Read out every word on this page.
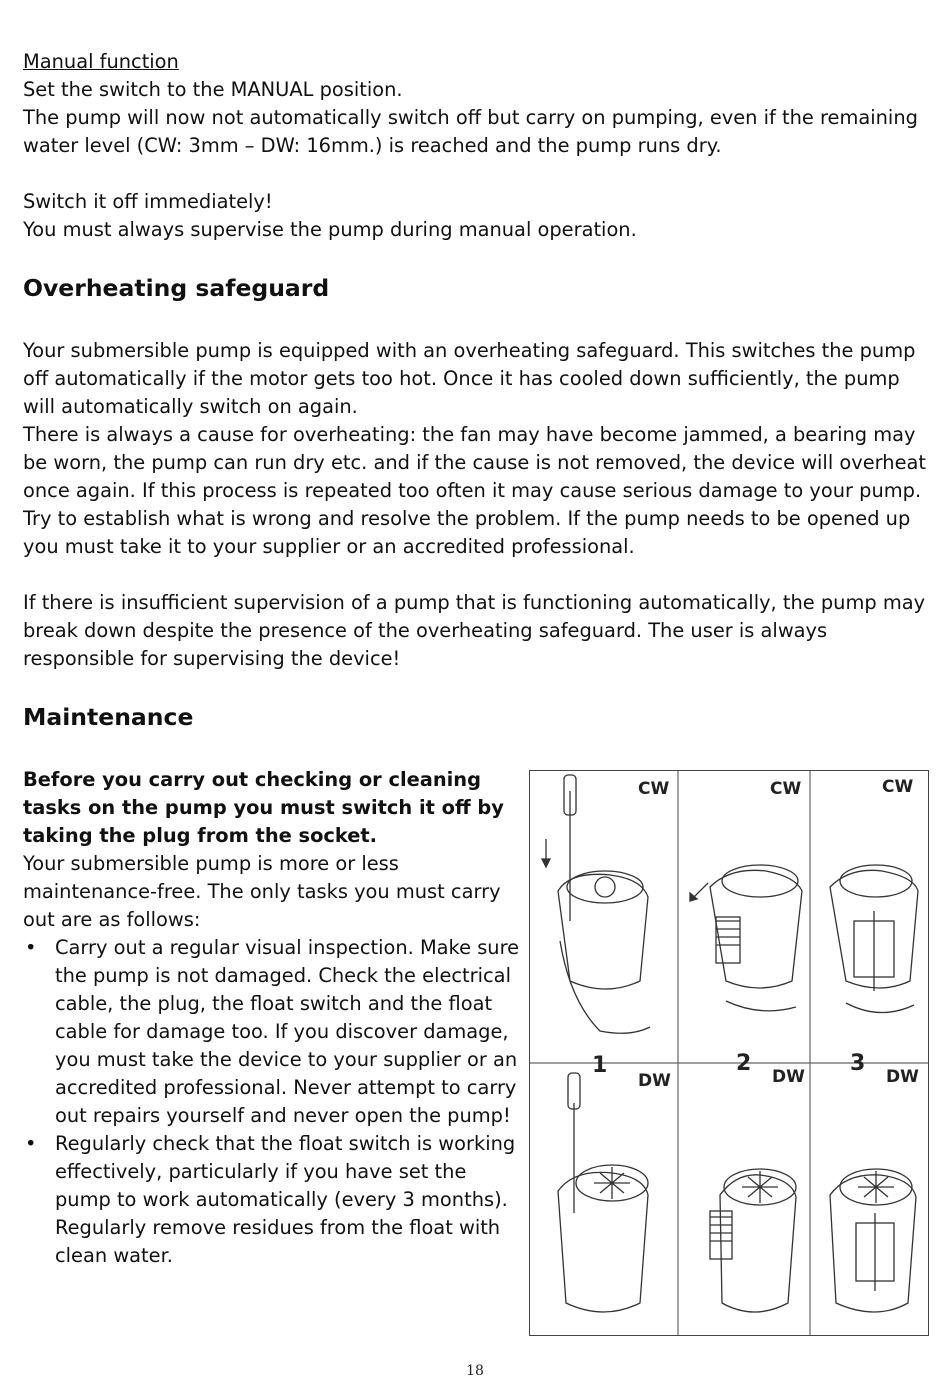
Manual function

Set the switch to the MANUAL position.

The pump will now not automatically switch off but carry on pumping, even if the remaining water level (CW: 3mm – DW: 16mm.) is reached and the pump runs dry.

Switch it off immediately!

You must always supervise the pump during manual operation.

Overheating safeguard

Your submersible pump is equipped with an overheating safeguard. This switches the pump off automatically if the motor gets too hot. Once it has cooled down sufficiently, the pump will automatically switch on again.

There is always a cause for overheating: the fan may have become jammed, a bearing may be worn, the pump can run dry etc. and if the cause is not removed, the device will overheat once again. If this process is repeated too often it may cause serious damage to your pump. Try to establish what is wrong and resolve the problem. If the pump needs to be opened up you must take it to your supplier or an accredited professional.

If there is insufficient supervision of a pump that is functioning automatically, the pump may break down despite the presence of the overheating safeguard. The user is always responsible for supervising the device!

Maintenance

Before you carry out checking or cleaning tasks on the pump you must switch it off by taking the plug from the socket.

Your submersible pump is more or less maintenance-free. The only tasks you must carry out are as follows:

• Carry out a regular visual inspection. Make sure the pump is not damaged. Check the electrical cable, the plug, the float switch and the float cable for damage too. If you discover damage, you must take the device to your supplier or an accredited professional. Never attempt to carry out repairs yourself and never open the pump!
• Regularly check that the float switch is working effectively, particularly if you have set the pump to work automatically (every 3 months). Regularly remove residues from the float with clean water.
CW	CW	CW
1	2	3
DW	DW	DW
18
